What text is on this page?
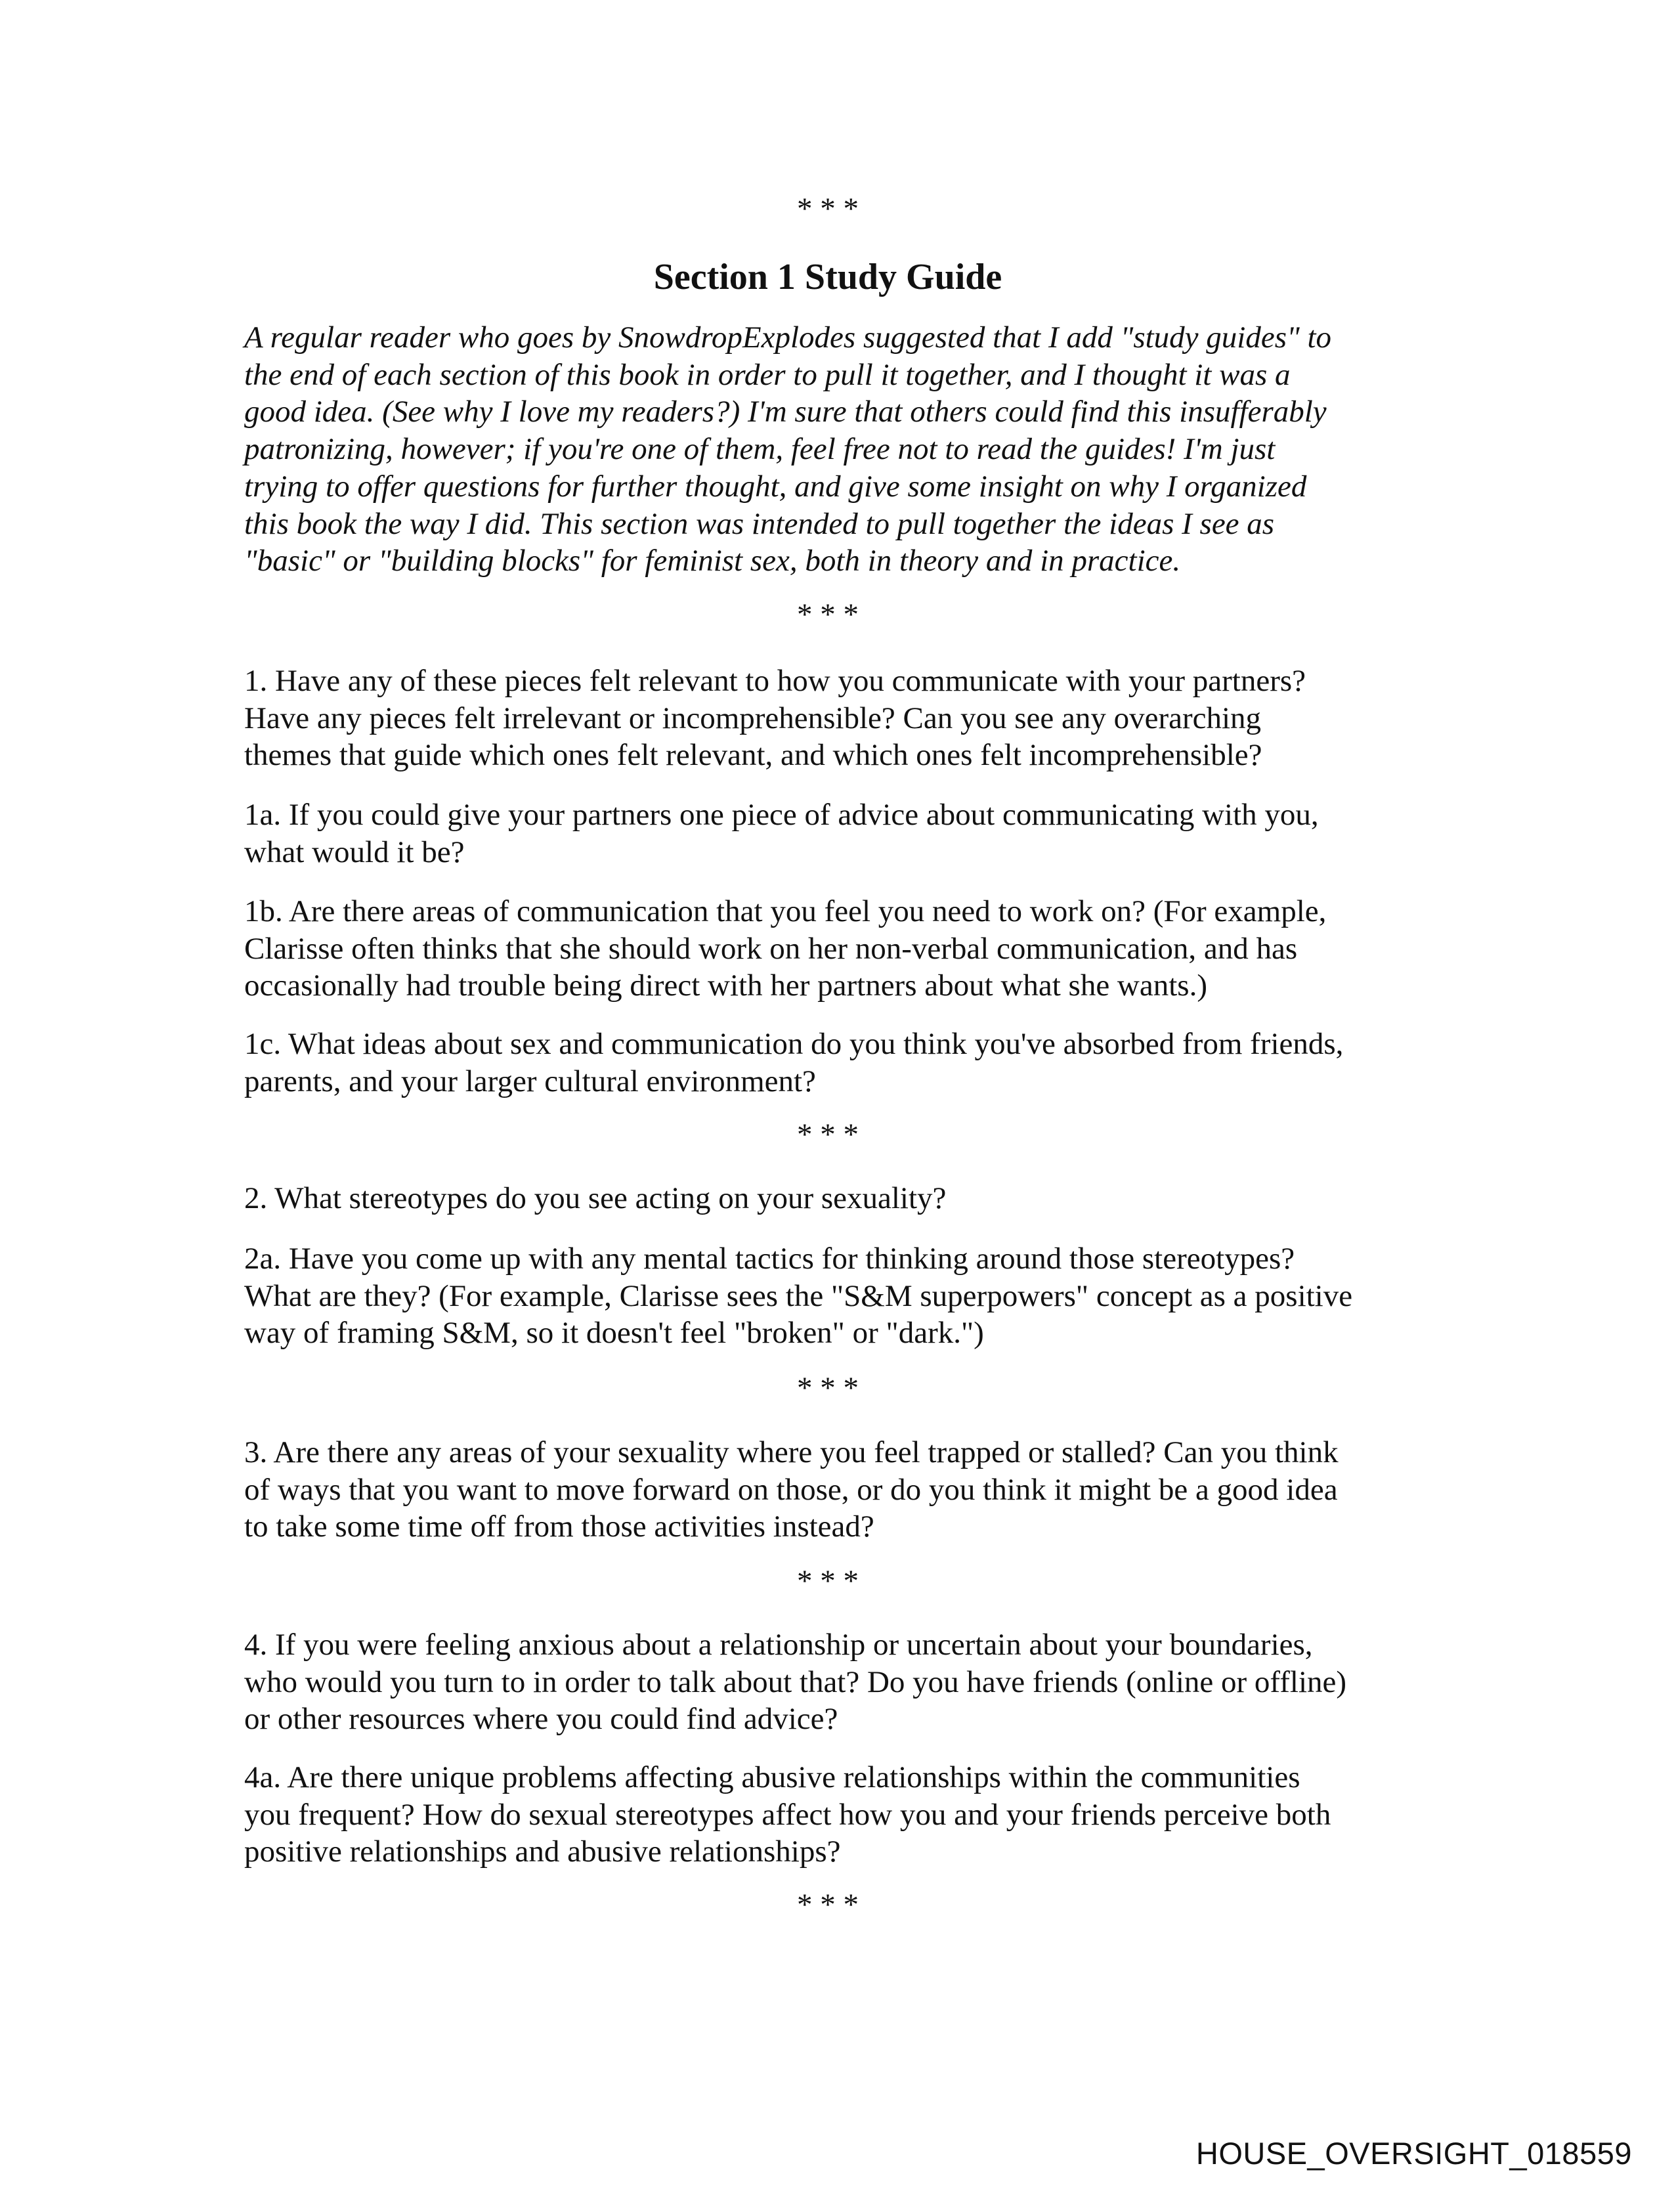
* * *
Section 1 Study Guide
A regular reader who goes by SnowdropExplodes suggested that I add "study guides" to
the end of each section of this book in order to pull it together, and I thought it was a
good idea. (See why I love my readers?) I'm sure that others could find this insufferably
patronizing, however; if you're one of them, feel free not to read the guides! I'm just
trying to offer questions for further thought, and give some insight on why I organized
this book the way I did. This section was intended to pull together the ideas I see as
"basic" or "building blocks" for feminist sex, both in theory and in practice.
* * *
1. Have any of these pieces felt relevant to how you communicate with your partners?
Have any pieces felt irrelevant or incomprehensible? Can you see any overarching
themes that guide which ones felt relevant, and which ones felt incomprehensible?
1a. If you could give your partners one piece of advice about communicating with you,
what would it be?
1b. Are there areas of communication that you feel you need to work on? (For example,
Clarisse often thinks that she should work on her non-verbal communication, and has
occasionally had trouble being direct with her partners about what she wants.)
1c. What ideas about sex and communication do you think you've absorbed from friends,
parents, and your larger cultural environment?
* * *
2. What stereotypes do you see acting on your sexuality?
2a. Have you come up with any mental tactics for thinking around those stereotypes?
What are they? (For example, Clarisse sees the "S&M superpowers" concept as a positive
way of framing S&M, so it doesn't feel "broken" or "dark.")
* * *
3. Are there any areas of your sexuality where you feel trapped or stalled? Can you think
of ways that you want to move forward on those, or do you think it might be a good idea
to take some time off from those activities instead?
* * *
4. If you were feeling anxious about a relationship or uncertain about your boundaries,
who would you turn to in order to talk about that? Do you have friends (online or offline)
or other resources where you could find advice?
4a. Are there unique problems affecting abusive relationships within the communities
you frequent? How do sexual stereotypes affect how you and your friends perceive both
positive relationships and abusive relationships?
* * *
HOUSE_OVERSIGHT_018559
